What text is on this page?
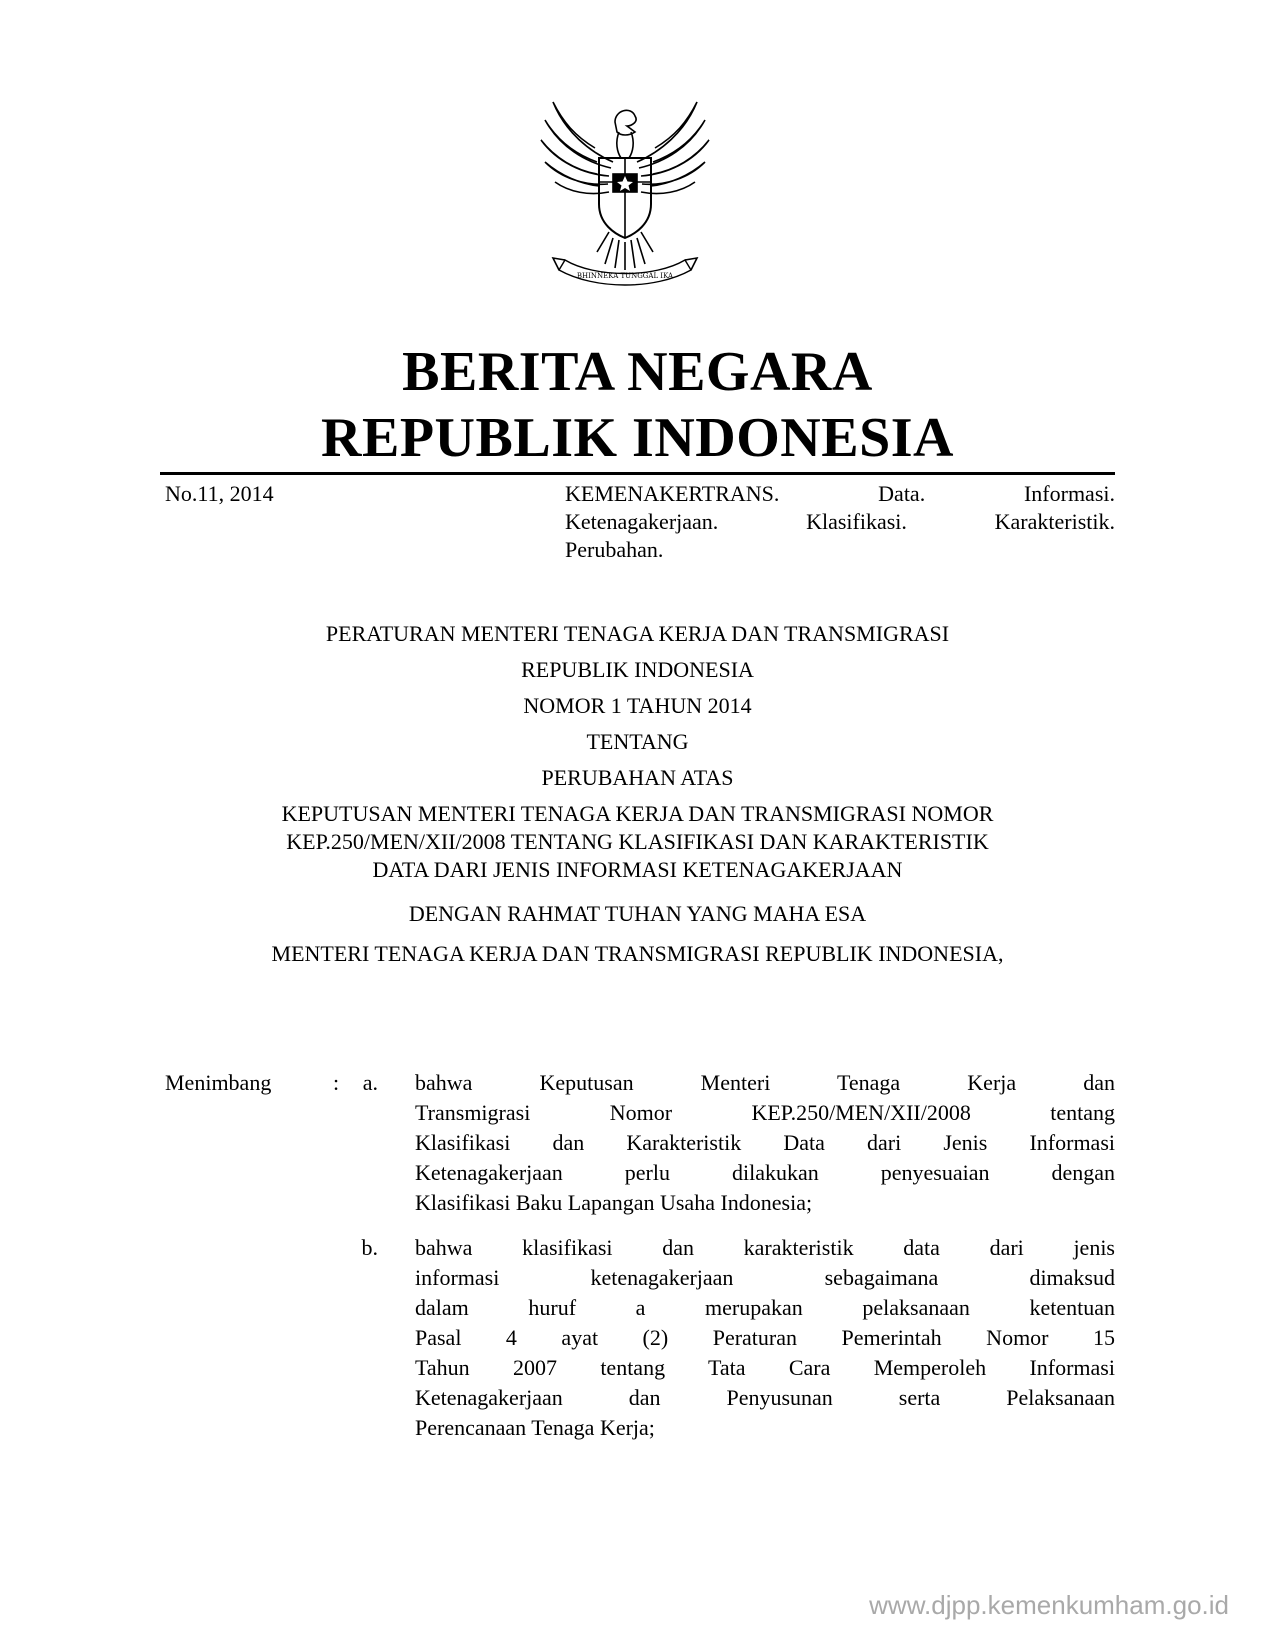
BHINNEKA TUNGGAL IKA
BERITA NEGARA
REPUBLIK INDONESIA
No.11, 2014	KEMENAKERTRANS. Data. Informasi.
Ketenagakerjaan. Klasifikasi. Karakteristik.
Perubahan.
PERATURAN MENTERI TENAGA KERJA DAN TRANSMIGRASI
REPUBLIK INDONESIA
NOMOR 1 TAHUN 2014
TENTANG
PERUBAHAN ATAS
KEPUTUSAN MENTERI TENAGA KERJA DAN TRANSMIGRASI NOMOR
KEP.250/MEN/XII/2008 TENTANG KLASIFIKASI DAN KARAKTERISTIK
DATA DARI JENIS INFORMASI KETENAGAKERJAAN
DENGAN RAHMAT TUHAN YANG MAHA ESA
MENTERI TENAGA KERJA DAN TRANSMIGRASI REPUBLIK INDONESIA,
Menimbang	:	a. bahwa Keputusan Menteri Tenaga Kerja dan
Transmigrasi Nomor KEP.250/MEN/XII/2008 tentang
Klasifikasi dan Karakteristik Data dari Jenis Informasi
Ketenagakerjaan perlu dilakukan penyesuaian dengan
Klasifikasi Baku Lapangan Usaha Indonesia;
b. bahwa klasifikasi dan karakteristik data dari jenis
informasi ketenagakerjaan sebagaimana dimaksud
dalam huruf a merupakan pelaksanaan ketentuan
Pasal 4 ayat (2) Peraturan Pemerintah Nomor 15
Tahun 2007 tentang Tata Cara Memperoleh Informasi
Ketenagakerjaan dan Penyusunan serta Pelaksanaan
Perencanaan Tenaga Kerja;
www.djpp.kemenkumham.go.id
